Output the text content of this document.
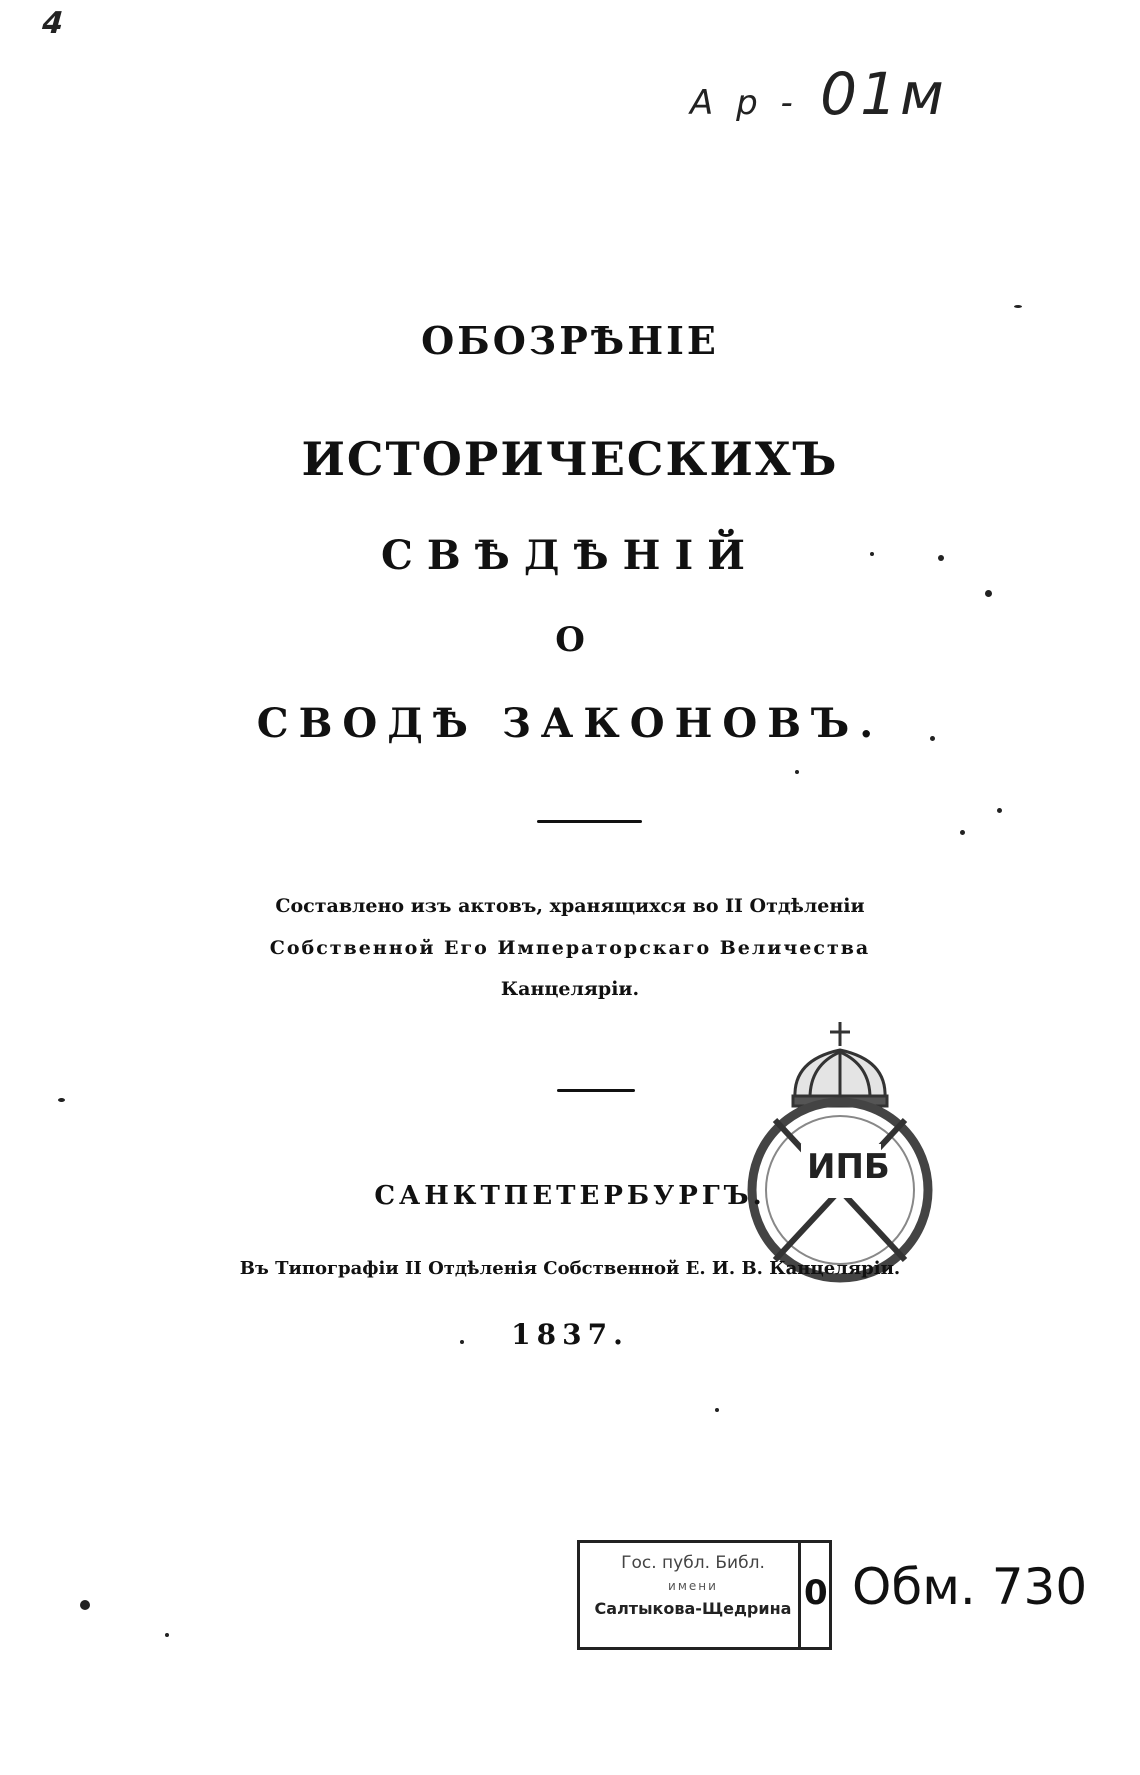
4
А р - 01м
ОБОЗРѢНІЕ
ИСТОРИЧЕСКИХЪ
СВѢДѢНІЙ
О
СВОДѢ ЗАКОНОВЪ.
Составлено изъ актовъ, хранящихся во II Отдѣленіи
Собственной Его Императорскаго Величества
Канцеляріи.
ИПБ
САНКТПЕТЕРБУРГЪ.
Въ Типографіи II Отдѣленія Собственной Е. И. В. Канцеляріи.
1837.
Гос. публ. Библ.
имени
Салтыкова-Щедрина 0 Обм. 730
